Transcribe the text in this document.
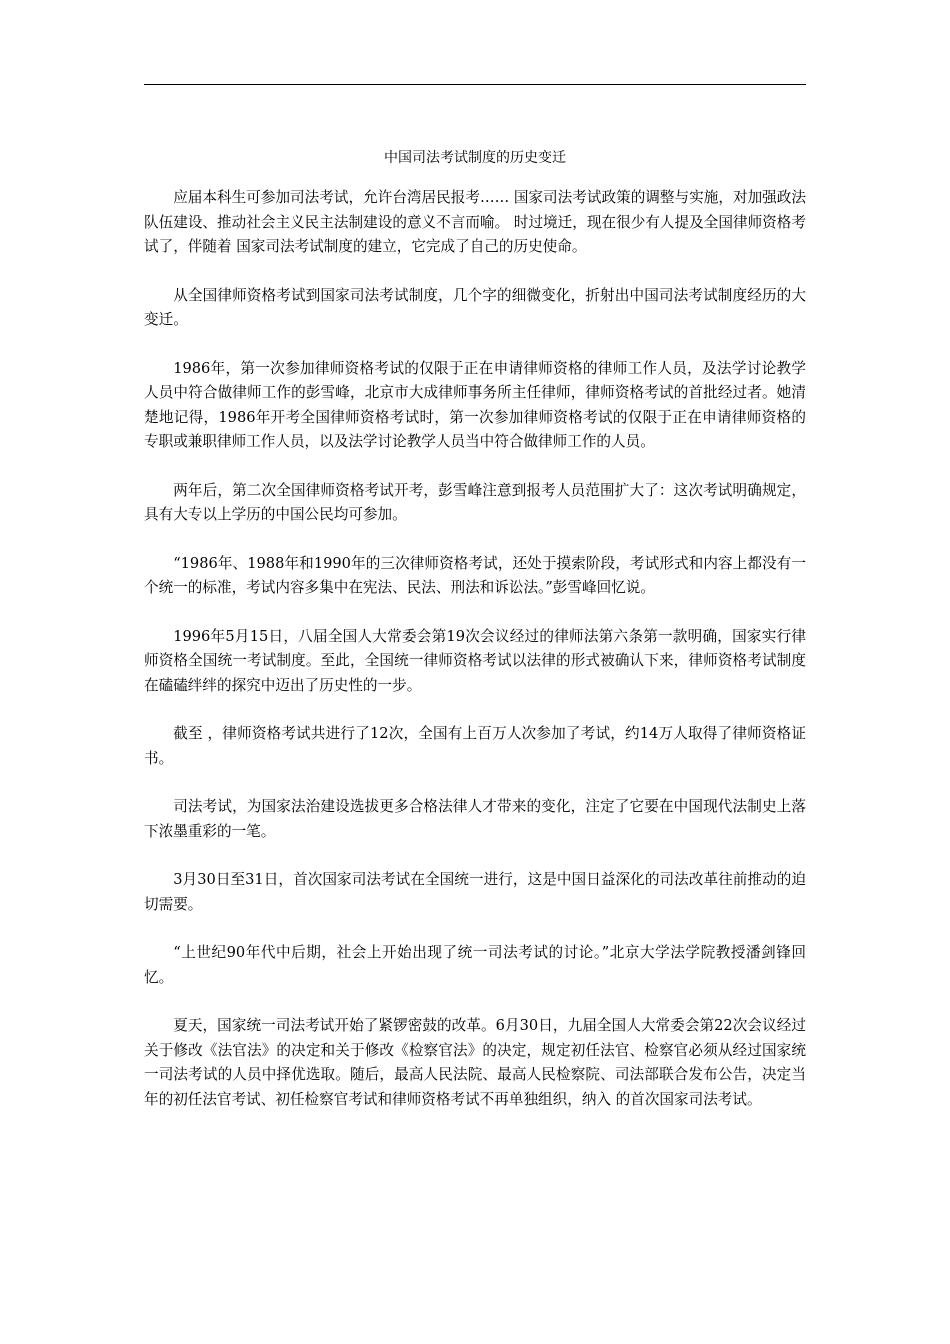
中国司法考试制度的历史变迁

应届本科生可参加司法考试，允许台湾居民报考…… 国家司法考试政策的调整与实施，对加强政法队伍建设、推动社会主义民主法制建设的意义不言而喻。 时过境迁，现在很少有人提及全国律师资格考试了，伴随着 国家司法考试制度的建立，它完成了自己的历史使命。

从全国律师资格考试到国家司法考试制度，几个字的细微变化，折射出中国司法考试制度经历的大变迁。

1986年，第一次参加律师资格考试的仅限于正在申请律师资格的律师工作人员，及法学讨论教学人员中符合做律师工作的彭雪峰，北京市大成律师事务所主任律师，律师资格考试的首批经过者。她清楚地记得，1986年开考全国律师资格考试时，第一次参加律师资格考试的仅限于正在申请律师资格的专职或兼职律师工作人员，以及法学讨论教学人员当中符合做律师工作的人员。

两年后，第二次全国律师资格考试开考，彭雪峰注意到报考人员范围扩大了：这次考试明确规定，具有大专以上学历的中国公民均可参加。

“1986年、1988年和1990年的三次律师资格考试，还处于摸索阶段，考试形式和内容上都没有一个统一的标准，考试内容多集中在宪法、民法、刑法和诉讼法。”彭雪峰回忆说。

1996年5月15日，八届全国人大常委会第19次会议经过的律师法第六条第一款明确，国家实行律师资格全国统一考试制度。至此，全国统一律师资格考试以法律的形式被确认下来，律师资格考试制度在磕磕绊绊的探究中迈出了历史性的一步。

截至 ，律师资格考试共进行了12次，全国有上百万人次参加了考试，约14万人取得了律师资格证书。

司法考试，为国家法治建设选拔更多合格法律人才带来的变化，注定了它要在中国现代法制史上落下浓墨重彩的一笔。

3月30日至31日，首次国家司法考试在全国统一进行，这是中国日益深化的司法改革往前推动的迫切需要。

“上世纪90年代中后期，社会上开始出现了统一司法考试的讨论。”北京大学法学院教授潘剑锋回忆。

夏天，国家统一司法考试开始了紧锣密鼓的改革。6月30日，九届全国人大常委会第22次会议经过关于修改《法官法》的决定和关于修改《检察官法》的决定，规定初任法官、检察官必须从经过国家统一司法考试的人员中择优选取。随后，最高人民法院、最高人民检察院、司法部联合发布公告，决定当年的初任法官考试、初任检察官考试和律师资格考试不再单独组织，纳入 的首次国家司法考试。
